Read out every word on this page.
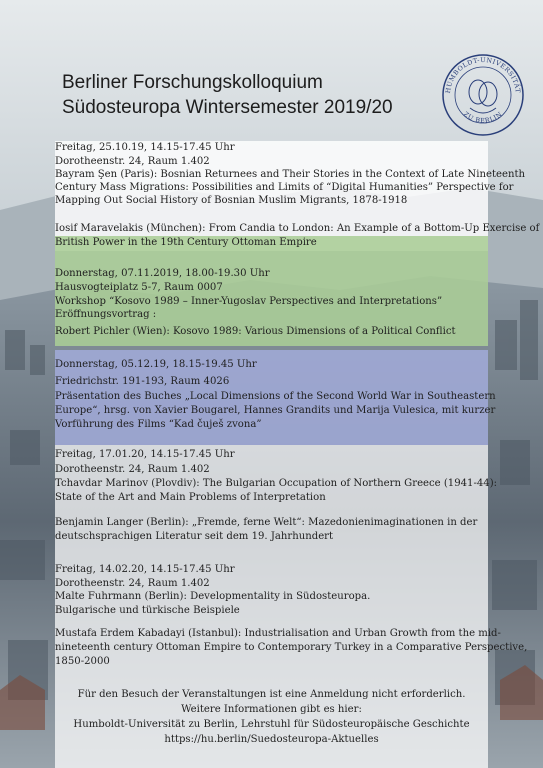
Berliner Forschungskolloquium
Südosteuropa Wintersemester 2019/20
HUMBOLDT-UNIVERSITÄT
ZU BERLIN
Freitag, 25.10.19, 14.15-17.45 Uhr
Dorotheenstr. 24, Raum 1.402
Bayram Şen (Paris): Bosnian Returnees and Their Stories in the Context of Late Nineteenth
Century Mass Migrations: Possibilities and Limits of “Digital Humanities” Perspective for
Mapping Out Social History of Bosnian Muslim Migrants, 1878-1918
Iosif Maravelakis (München): From Candia to London: An Example of a Bottom-Up Exercise of
British Power in the 19th Century Ottoman Empire
Donnerstag, 07.11.2019, 18.00-19.30 Uhr
Hausvogteiplatz 5-7, Raum 0007
Workshop “Kosovo 1989 – Inner-Yugoslav Perspectives and Interpretations”
Eröffnungsvortrag :
Robert Pichler (Wien): Kosovo 1989: Various Dimensions of a Political Conflict
Donnerstag, 05.12.19, 18.15-19.45 Uhr
Friedrichstr. 191-193, Raum 4026
Präsentation des Buches „Local Dimensions of the Second World War in Southeastern
Europe“, hrsg. von Xavier Bougarel, Hannes Grandits und Marija Vulesica, mit kurzer
Vorführung des Films “Kad čuješ zvona”
Freitag, 17.01.20, 14.15-17.45 Uhr
Dorotheenstr. 24, Raum 1.402
Tchavdar Marinov (Plovdiv): The Bulgarian Occupation of Northern Greece (1941-44):
State of the Art and Main Problems of Interpretation
Benjamin Langer (Berlin): „Fremde, ferne Welt“: Mazedonienimaginationen in der
deutschsprachigen Literatur seit dem 19. Jahrhundert
Freitag, 14.02.20, 14.15-17.45 Uhr
Dorotheenstr. 24, Raum 1.402
Malte Fuhrmann (Berlin): Developmentality in Südosteuropa.
Bulgarische und türkische Beispiele
Mustafa Erdem Kabadayi (Istanbul): Industrialisation and Urban Growth from the mid-
nineteenth century Ottoman Empire to Contemporary Turkey in a Comparative Perspective,
1850-2000
Für den Besuch der Veranstaltungen ist eine Anmeldung nicht erforderlich.
Weitere Informationen gibt es hier:
Humboldt-Universität zu Berlin, Lehrstuhl für Südosteuropäische Geschichte
https://hu.berlin/Suedosteuropa-Aktuelles
